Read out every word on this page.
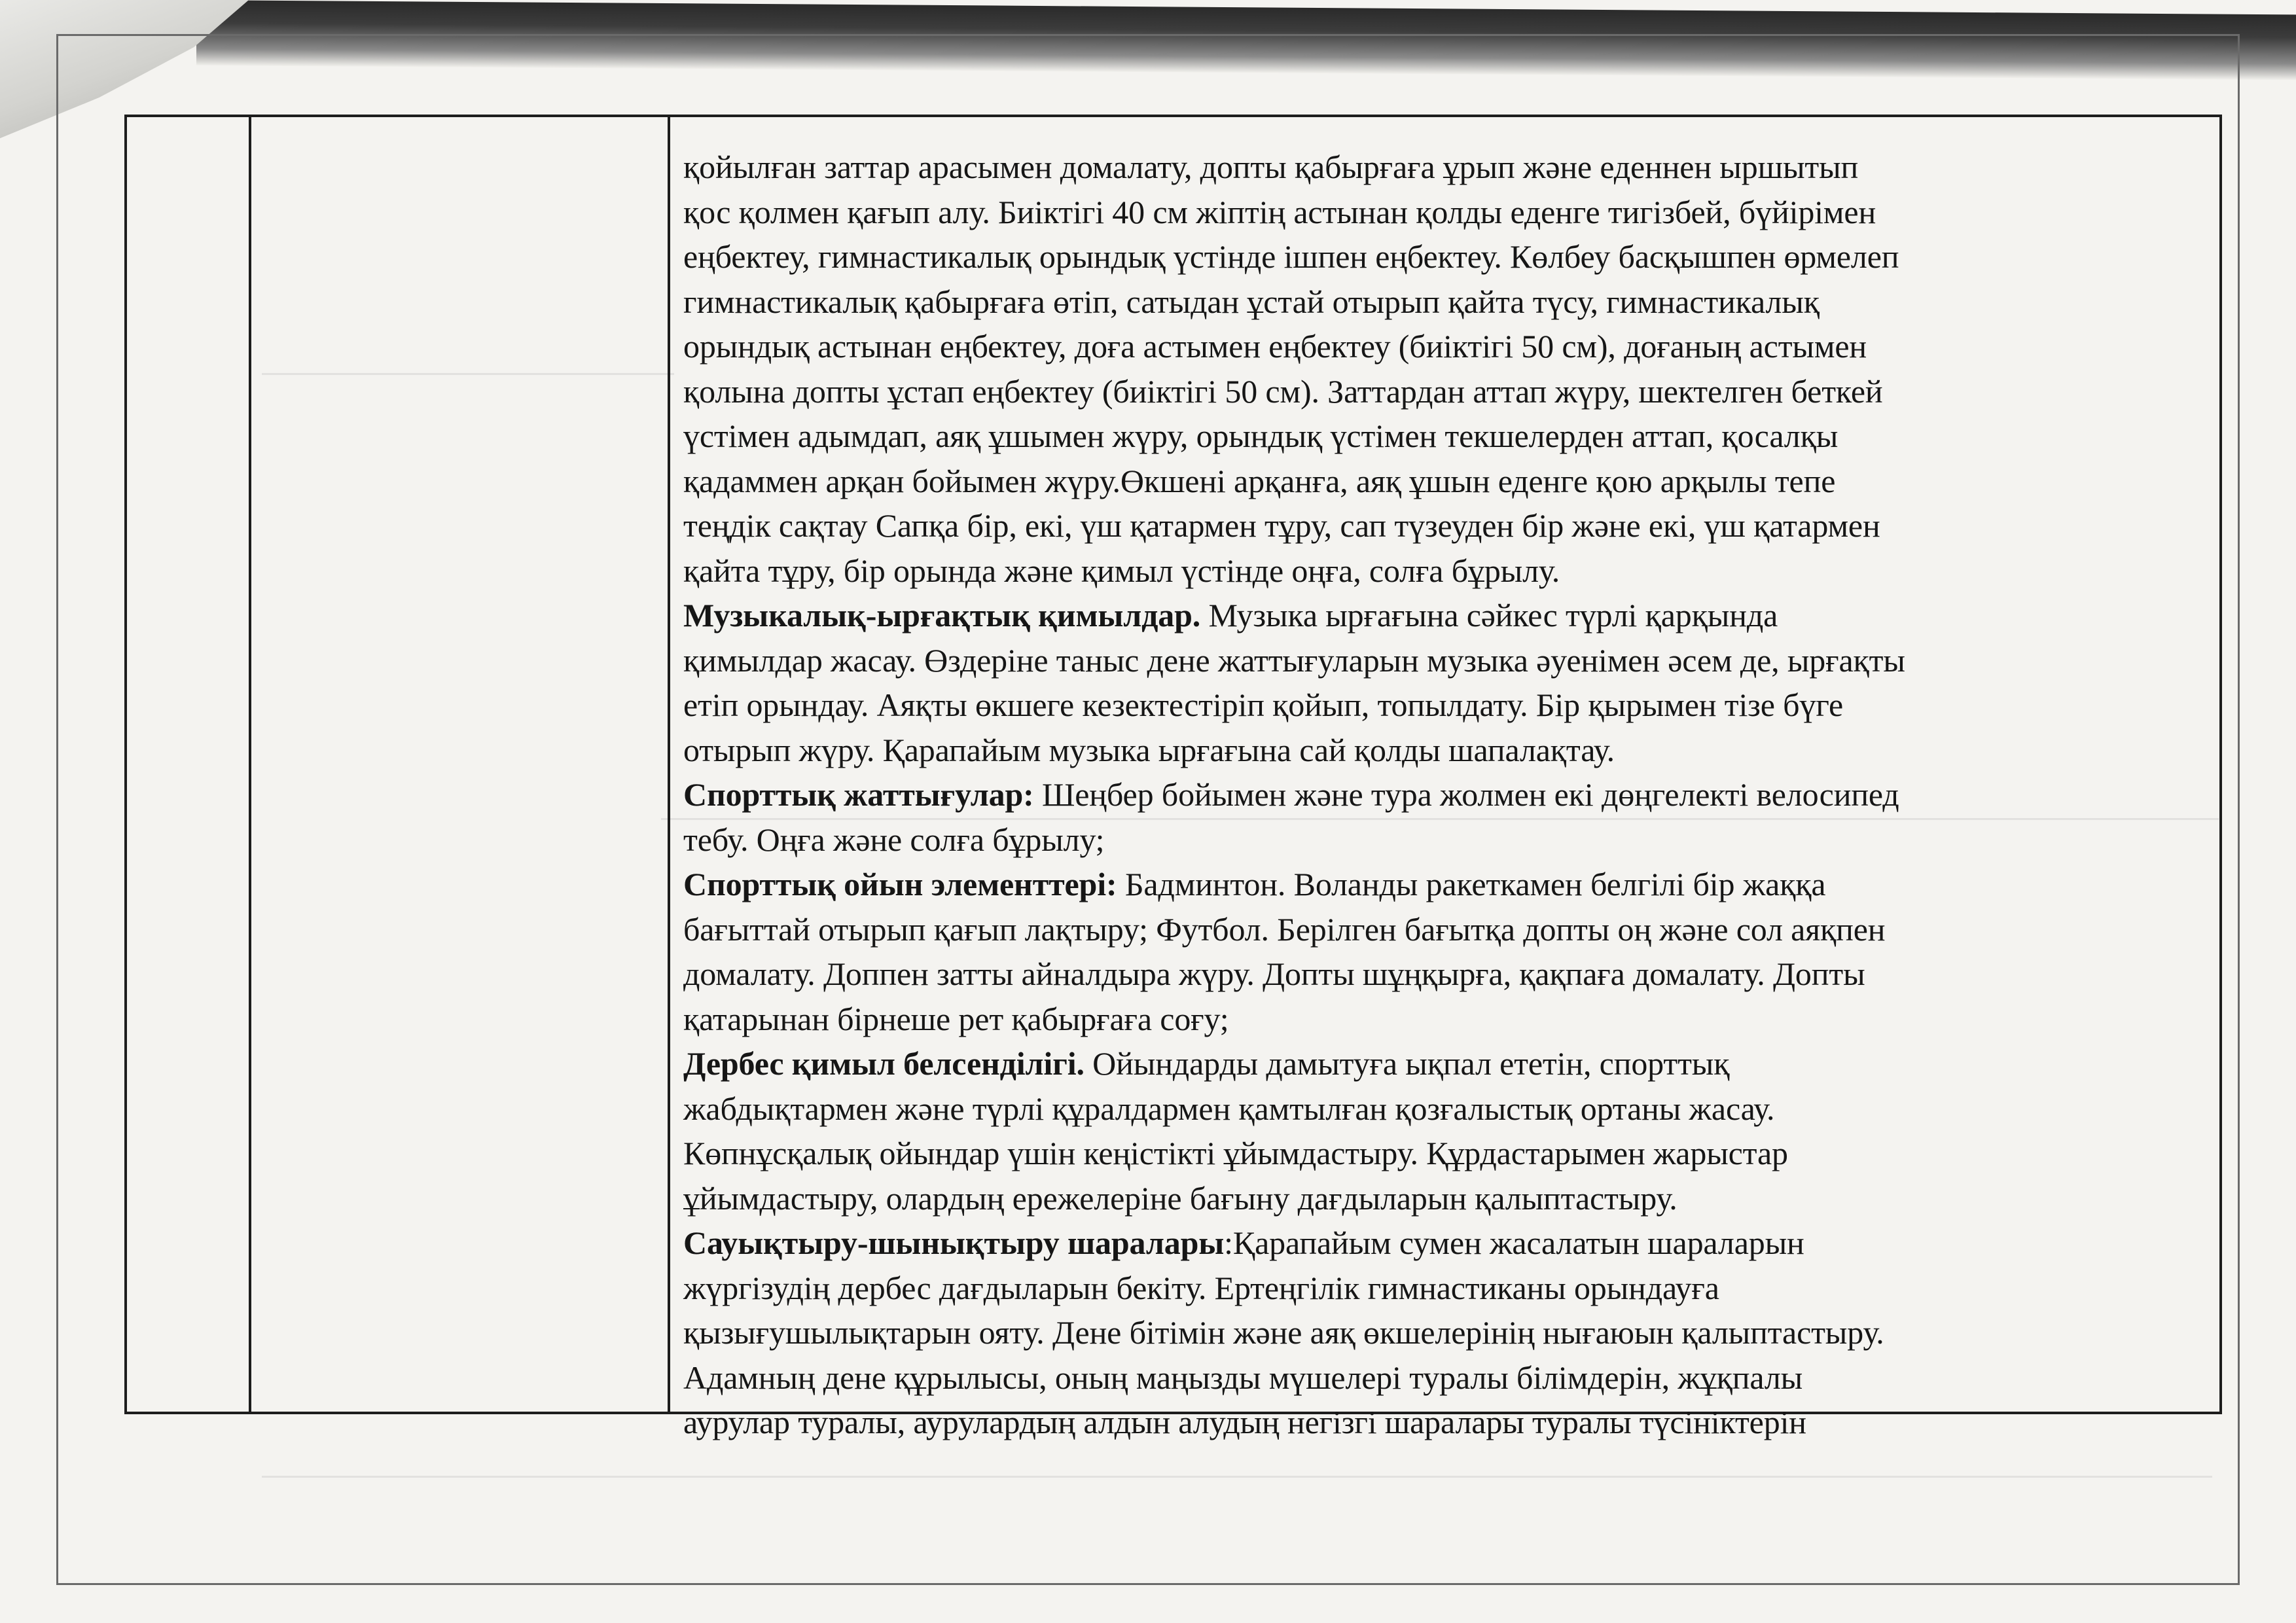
қойылған заттар арасымен домалату, допты қабырғаға ұрып және еденнен ыршытып
қос қолмен қағып алу. Биіктігі 40 см жіптің астынан қолды еденге тигізбей, бүйірімен
еңбектеу, гимнастикалық орындық үстінде ішпен еңбектеу. Көлбеу басқышпен өрмелеп
гимнастикалық қабырғаға өтіп, сатыдан ұстай отырып қайта түсу, гимнастикалық
орындық астынан еңбектеу, доға астымен еңбектеу (биіктігі 50 см), доғаның астымен
қолына допты ұстап еңбектеу (биіктігі 50 см). Заттардан аттап жүру, шектелген беткей
үстімен адымдап, аяқ ұшымен жүру, орындық үстімен текшелерден аттап, қосалқы
қадаммен арқан бойымен жүру.Өкшені арқанға, аяқ ұшын еденге қою арқылы тепе
теңдік сақтау Сапқа бір, екі, үш қатармен тұру, сап түзеуден бір және екі, үш қатармен
қайта тұру, бір орында және қимыл үстінде оңға, солға бұрылу.
Музыкалық-ырғақтық қимылдар. Музыка ырғағына сәйкес түрлі қарқында
қимылдар жасау. Өздеріне таныс дене жаттығуларын музыка әуенімен әсем де, ырғақты
етіп орындау. Аяқты өкшеге кезектестіріп қойып, топылдату. Бір қырымен тізе бүге
отырып жүру. Қарапайым музыка ырғағына сай қолды шапалақтау.
Спорттық жаттығулар: Шеңбер бойымен және тура жолмен екі дөңгелекті велосипед
тебу. Оңға және солға бұрылу;
Спорттық ойын элементтері: Бадминтон. Воланды ракеткамен белгілі бір жаққа
бағыттай отырып қағып лақтыру; Футбол. Берілген бағытқа допты оң және сол аяқпен
домалату. Доппен затты айналдыра жүру. Допты шұңқырға, қақпаға домалату. Допты
қатарынан бірнеше рет қабырғаға соғу;
Дербес қимыл белсенділігі. Ойындарды дамытуға ықпал ететін, спорттық
жабдықтармен және түрлі құралдармен қамтылған қозғалыстық ортаны жасау.
Көпнұсқалық ойындар үшін кеңістікті ұйымдастыру. Құрдастарымен жарыстар
ұйымдастыру, олардың ережелеріне бағыну дағдыларын қалыптастыру.
Сауықтыру-шынықтыру шаралары:Қарапайым сумен жасалатын шараларын
жүргізудің дербес дағдыларын бекіту. Ертеңгілік гимнастиканы орындауға
қызығушылықтарын ояту. Дене бітімін және аяқ өкшелерінің нығаюын қалыптастыру.
Адамның дене құрылысы, оның маңызды мүшелері туралы білімдерін, жұқпалы
аурулар туралы, аурулардың алдын алудың негізгі шаралары туралы түсініктерін
